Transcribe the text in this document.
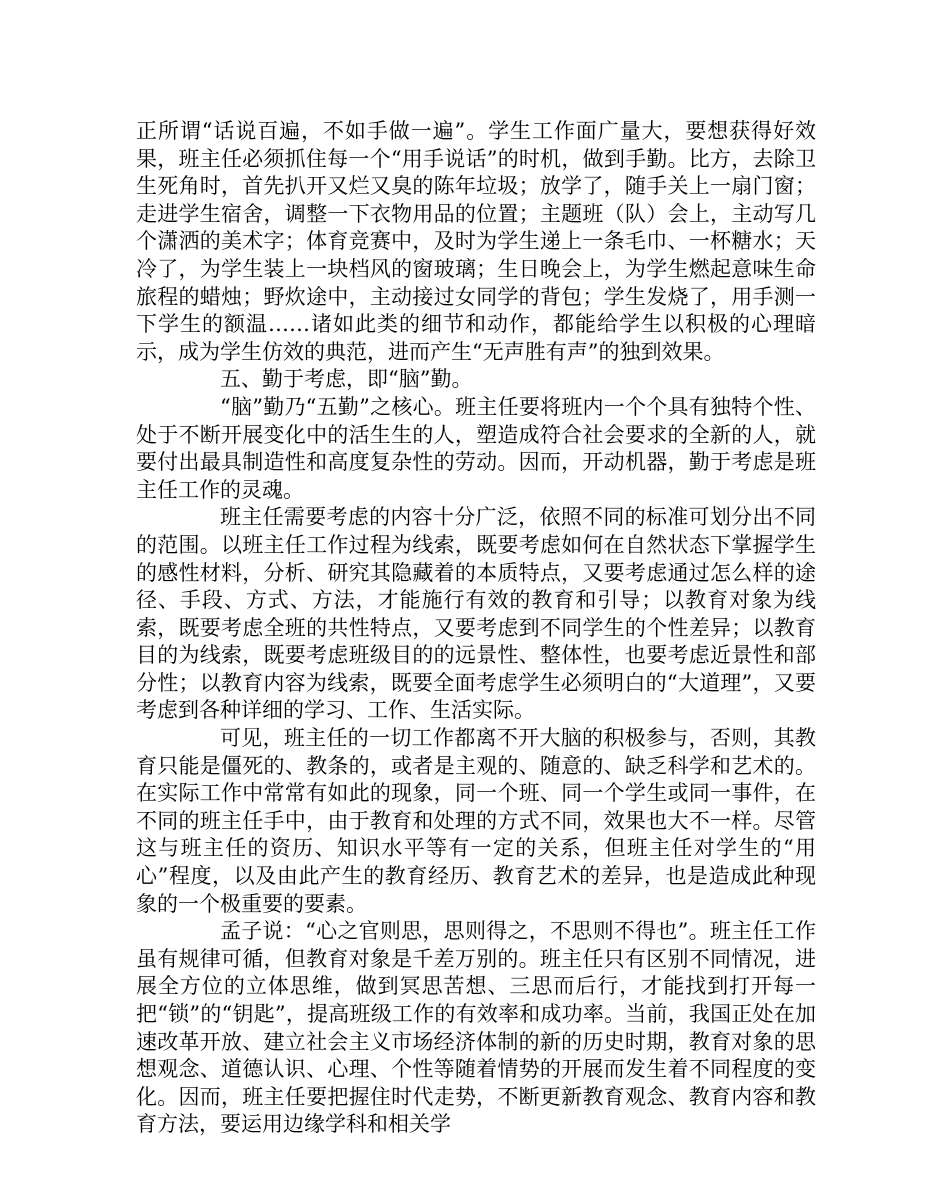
正所谓“话说百遍，不如手做一遍”。学生工作面广量大，要想获得好效果，班主任必须抓住每一个“用手说话”的时机，做到手勤。比方，去除卫生死角时，首先扒开又烂又臭的陈年垃圾；放学了，随手关上一扇门窗；走进学生宿舍，调整一下衣物用品的位置；主题班（队）会上，主动写几个潇洒的美术字；体育竞赛中，及时为学生递上一条毛巾、一杯糖水；天冷了，为学生装上一块档风的窗玻璃；生日晚会上，为学生燃起意味生命旅程的蜡烛；野炊途中，主动接过女同学的背包；学生发烧了，用手测一下学生的额温……诸如此类的细节和动作，都能给学生以积极的心理暗示，成为学生仿效的典范，进而产生“无声胜有声”的独到效果。

五、勤于考虑，即“脑”勤。

“脑”勤乃“五勤”之核心。班主任要将班内一个个具有独特个性、处于不断开展变化中的活生生的人，塑造成符合社会要求的全新的人，就要付出最具制造性和高度复杂性的劳动。因而，开动机器，勤于考虑是班主任工作的灵魂。

班主任需要考虑的内容十分广泛，依照不同的标准可划分出不同的范围。以班主任工作过程为线索，既要考虑如何在自然状态下掌握学生的感性材料，分析、研究其隐藏着的本质特点，又要考虑通过怎么样的途径、手段、方式、方法，才能施行有效的教育和引导；以教育对象为线索，既要考虑全班的共性特点，又要考虑到不同学生的个性差异；以教育目的为线索，既要考虑班级目的的远景性、整体性，也要考虑近景性和部分性；以教育内容为线索，既要全面考虑学生必须明白的“大道理”，又要考虑到各种详细的学习、工作、生活实际。

可见，班主任的一切工作都离不开大脑的积极参与，否则，其教育只能是僵死的、教条的，或者是主观的、随意的、缺乏科学和艺术的。在实际工作中常常有如此的现象，同一个班、同一个学生或同一事件，在不同的班主任手中，由于教育和处理的方式不同，效果也大不一样。尽管这与班主任的资历、知识水平等有一定的关系，但班主任对学生的“用心”程度，以及由此产生的教育经历、教育艺术的差异，也是造成此种现象的一个极重要的要素。

孟子说：“心之官则思，思则得之，不思则不得也”。班主任工作虽有规律可循，但教育对象是千差万别的。班主任只有区别不同情况，进展全方位的立体思维，做到冥思苦想、三思而后行，才能找到打开每一把“锁”的“钥匙”，提高班级工作的有效率和成功率。当前，我国正处在加速改革开放、建立社会主义市场经济体制的新的历史时期，教育对象的思想观念、道德认识、心理、个性等随着情势的开展而发生着不同程度的变化。因而，班主任要把握住时代走势，不断更新教育观念、教育内容和教育方法，要运用边缘学科和相关学
